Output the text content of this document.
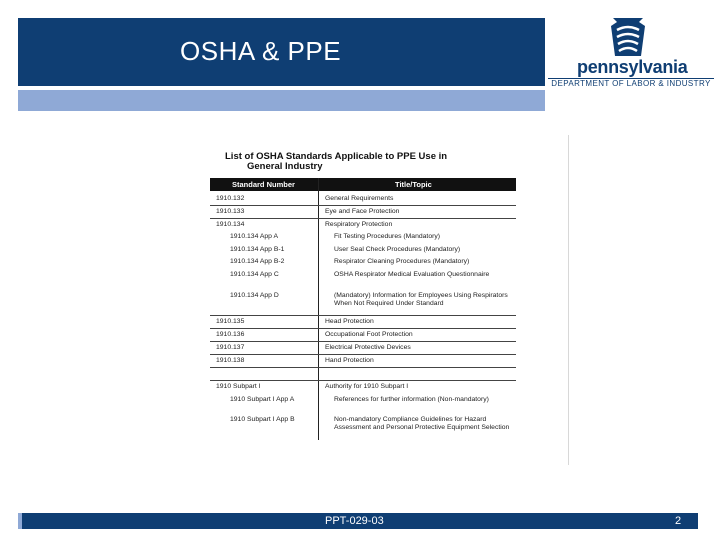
OSHA & PPE
pennsylvania
DEPARTMENT OF LABOR & INDUSTRY
List of OSHA Standards Applicable to PPE Use in
General Industry
Standard Number	Title/Topic
1910.132	General Requirements
1910.133	Eye and Face Protection
1910.134	Respiratory Protection
1910.134 App A	Fit Testing Procedures (Mandatory)
1910.134 App B-1	User Seal Check Procedures (Mandatory)
1910.134 App B-2	Respirator Cleaning Procedures (Mandatory)
1910.134 App C	OSHA Respirator Medical Evaluation Questionnaire
1910.134 App D	(Mandatory) Information for Employees Using Respirators When Not Required Under Standard
1910.135	Head Protection
1910.136	Occupational Foot Protection
1910.137	Electrical Protective Devices
1910.138	Hand Protection
1910 Subpart I	Authority for 1910 Subpart I
1910 Subpart I App A	References for further information (Non-mandatory)
1910 Subpart I App B	Non-mandatory Compliance Guidelines for Hazard Assessment and Personal Protective Equipment Selection
PPT-029-03	2
